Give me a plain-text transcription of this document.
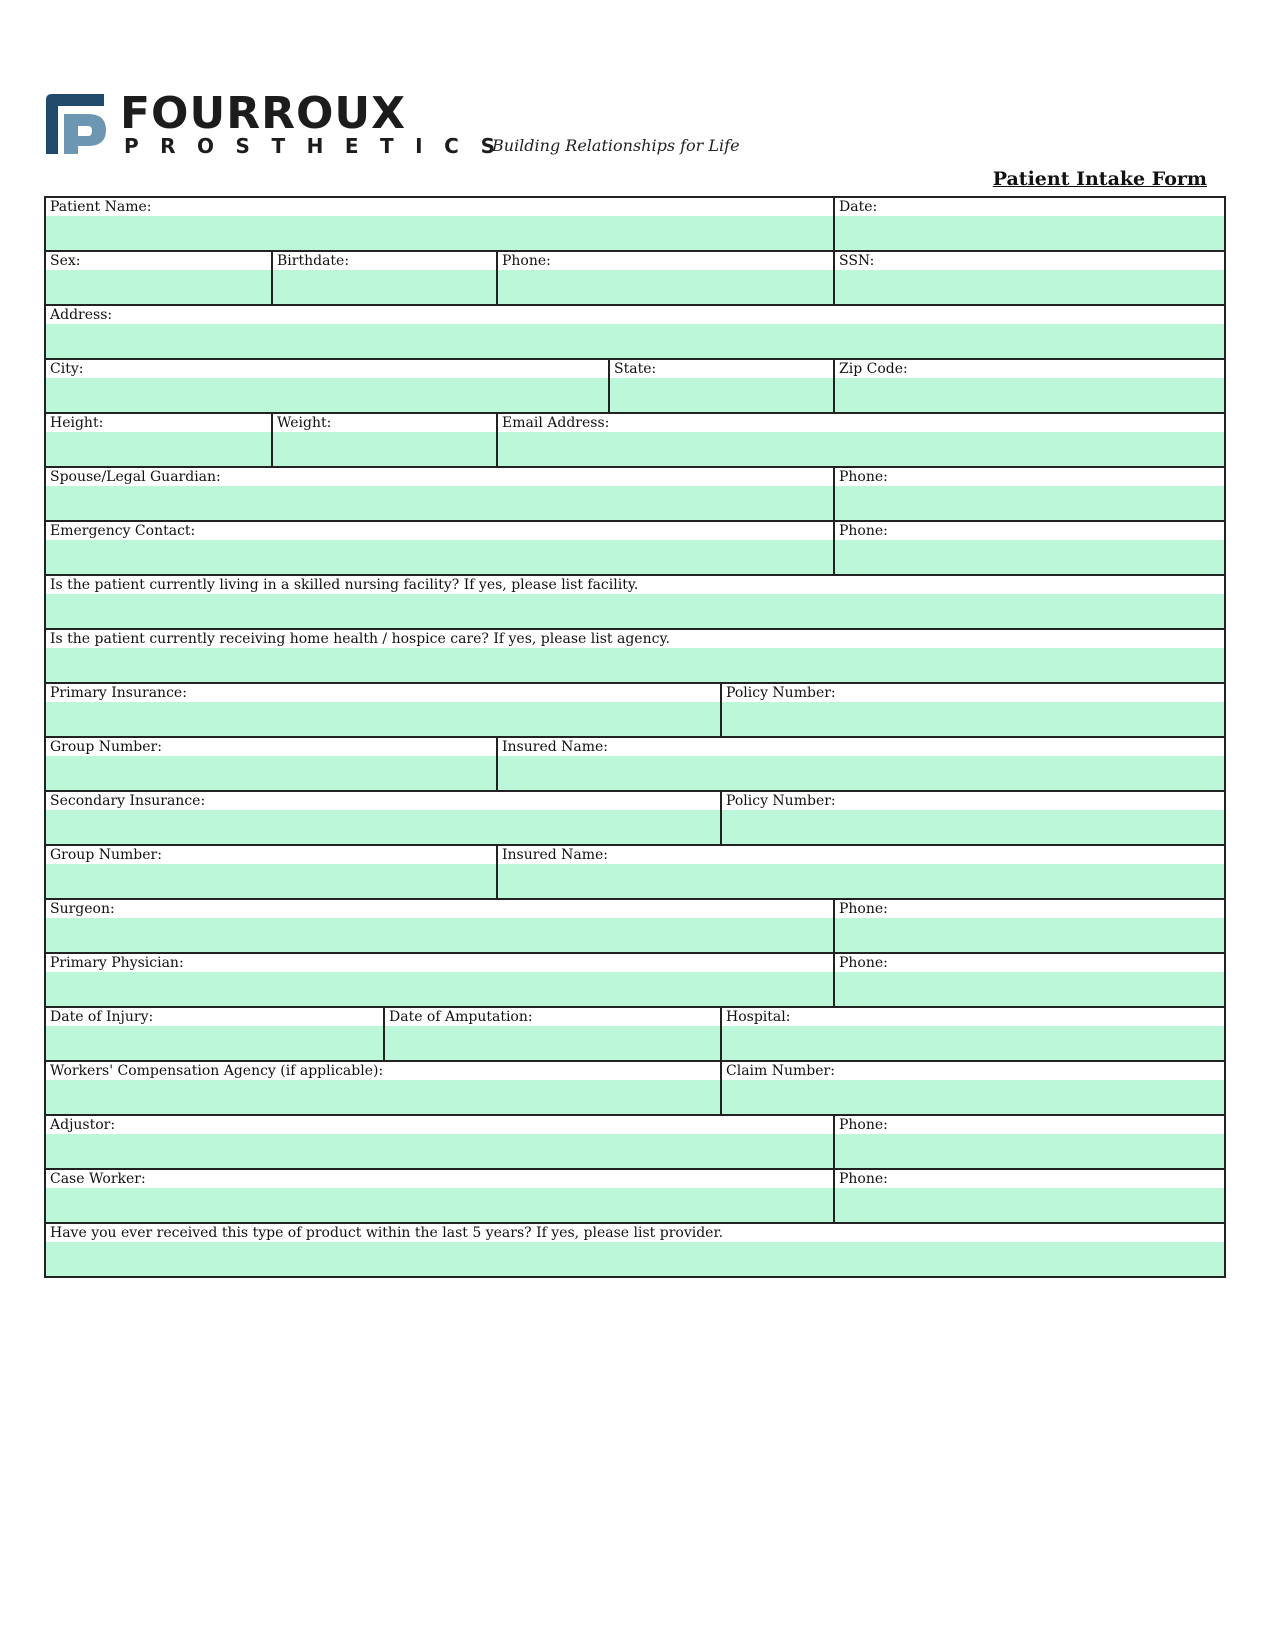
FOURROUX
PROSTHETICS
Building Relationships for Life
Patient Intake Form
Patient Name:	Date:
Sex:	Birthdate:	Phone:	SSN:
Address:
City:	State:	Zip Code:
Height:	Weight:	Email Address:
Spouse/Legal Guardian:	Phone:
Emergency Contact:	Phone:
Is the patient currently living in a skilled nursing facility? If yes, please list facility.
Is the patient currently receiving home health / hospice care? If yes, please list agency.
Primary Insurance:	Policy Number:
Group Number:	Insured Name:
Secondary Insurance:	Policy Number:
Group Number:	Insured Name:
Surgeon:	Phone:
Primary Physician:	Phone:
Date of Injury:	Date of Amputation:	Hospital:
Workers' Compensation Agency (if applicable):	Claim Number:
Adjustor:	Phone:
Case Worker:	Phone:
Have you ever received this type of product within the last 5 years? If yes, please list provider.
